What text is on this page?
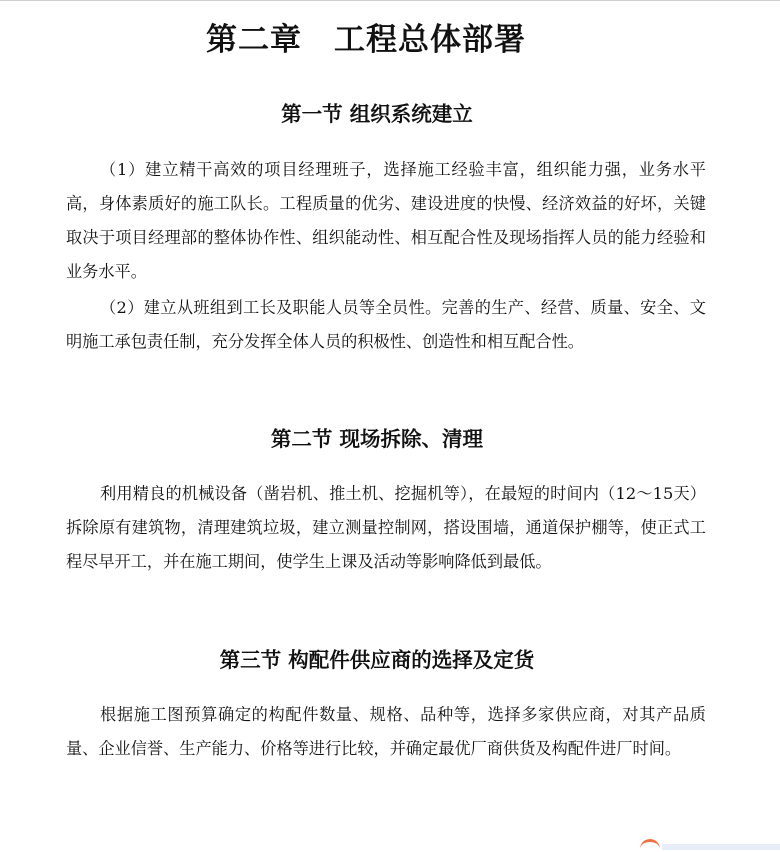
第二章　工程总体部署
第一节 组织系统建立

（1）建立精干高效的项目经理班子，选择施工经验丰富，组织能力强，业务水平高，身体素质好的施工队长。工程质量的优劣、建设进度的快慢、经济效益的好坏，关键取决于项目经理部的整体协作性、组织能动性、相互配合性及现场指挥人员的能力经验和业务水平。

（2）建立从班组到工长及职能人员等全员性。完善的生产、经营、质量、安全、文明施工承包责任制，充分发挥全体人员的积极性、创造性和相互配合性。

第二节 现场拆除、清理

利用精良的机械设备（凿岩机、推土机、挖掘机等），在最短的时间内（12～15天）拆除原有建筑物，清理建筑垃圾，建立测量控制网，搭设围墙，通道保护棚等，使正式工程尽早开工，并在施工期间，使学生上课及活动等影响降低到最低。

第三节 构配件供应商的选择及定货

根据施工图预算确定的构配件数量、规格、品种等，选择多家供应商，对其产品质量、企业信誉、生产能力、价格等进行比较，并确定最优厂商供货及构配件进厂时间。
